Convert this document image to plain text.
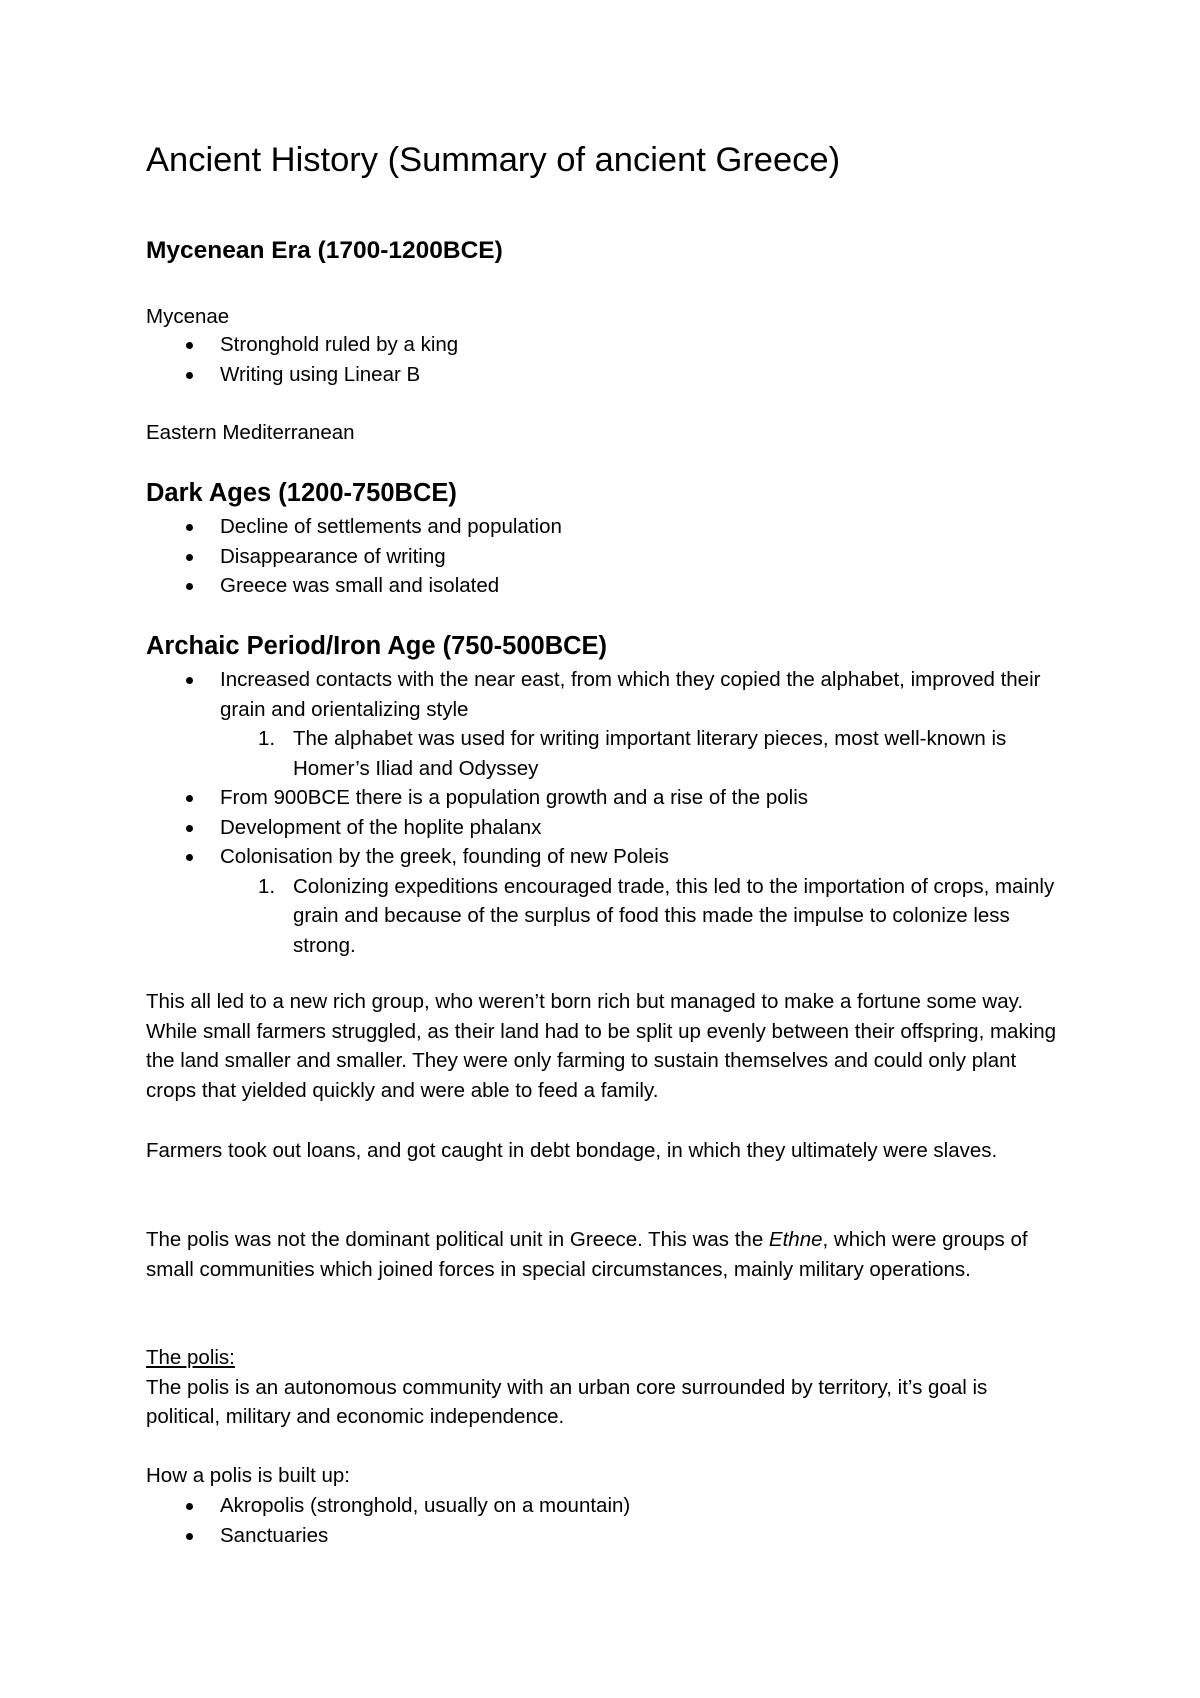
Ancient History (Summary of ancient Greece)
Mycenean Era (1700-1200BCE)

Mycenae

Stronghold ruled by a king
Writing using Linear B

Eastern Mediterranean

Dark Ages (1200-750BCE)
Decline of settlements and population
Disappearance of writing
Greece was small and isolated
Archaic Period/Iron Age (750-500BCE)
Increased contacts with the near east, from which they copied the alphabet, improved their grain and orientalizing style
1. The alphabet was used for writing important literary pieces, most well-known is Homer’s Iliad and Odyssey
From 900BCE there is a population growth and a rise of the polis
Development of the hoplite phalanx
Colonisation by the greek, founding of new Poleis
1. Colonizing expeditions encouraged trade, this led to the importation of crops, mainly grain and because of the surplus of food this made the impulse to colonize less strong.

This all led to a new rich group, who weren’t born rich but managed to make a fortune some way. While small farmers struggled, as their land had to be split up evenly between their offspring, making the land smaller and smaller. They were only farming to sustain themselves and could only plant crops that yielded quickly and were able to feed a family.

Farmers took out loans, and got caught in debt bondage, in which they ultimately were slaves.

The polis was not the dominant political unit in Greece. This was the Ethne, which were groups of small communities which joined forces in special circumstances, mainly military operations.

The polis:
The polis is an autonomous community with an urban core surrounded by territory, it’s goal is political, military and economic independence.

How a polis is built up:

Akropolis (stronghold, usually on a mountain)
Sanctuaries
